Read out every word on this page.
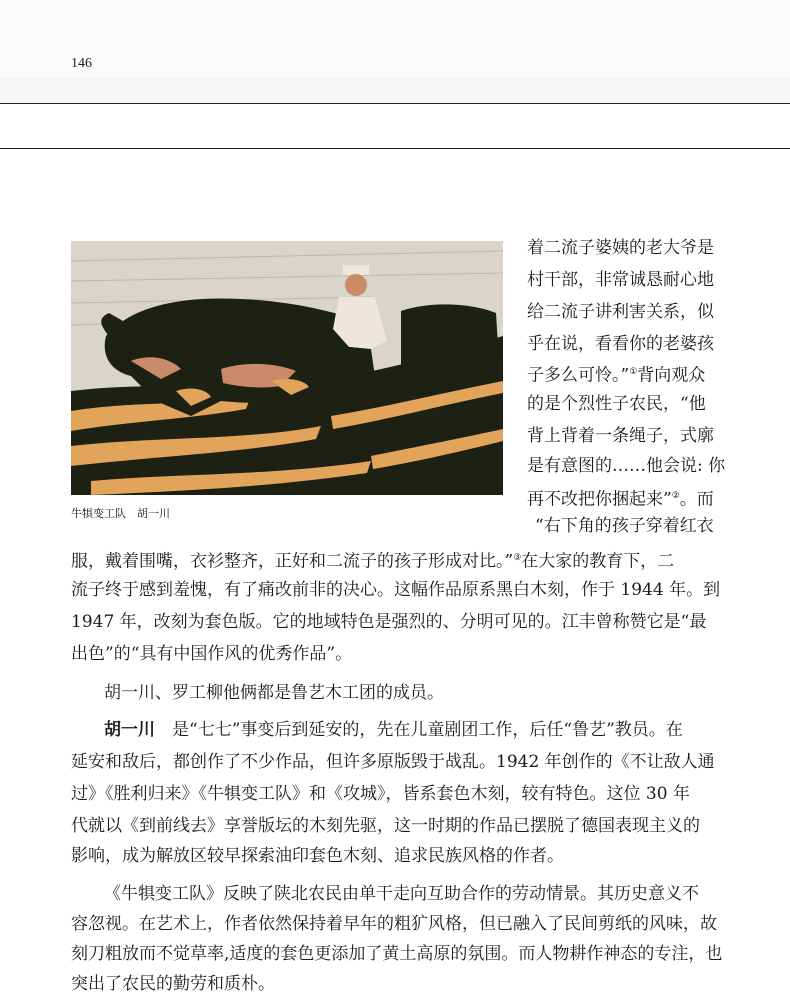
146
牛犋变工队　胡一川
着二流子婆姨的老大爷是
村干部，非常诚恳耐心地
给二流子讲利害关系，似
乎在说，看看你的老婆孩
子多么可怜。”①背向观众
的是个烈性子农民，“他
背上背着一条绳子，式廓
是有意图的……他会说: 你
再不改把你捆起来”②。而
“右下角的孩子穿着红衣
服，戴着围嘴，衣衫整齐，正好和二流子的孩子形成对比。”③在大家的教育下，二
流子终于感到羞愧，有了痛改前非的决心。这幅作品原系黑白木刻，作于 1944 年。到
1947 年，改刻为套色版。它的地域特色是强烈的、分明可见的。江丰曾称赞它是“最
出色”的“具有中国作风的优秀作品”。
胡一川、罗工柳他俩都是鲁艺木工团的成员。
胡一川　 是“七七”事变后到延安的，先在儿童剧团工作，后任“鲁艺”教员。在
延安和敌后，都创作了不少作品，但许多原版毁于战乱。1942 年创作的《不让敌人通
过》《胜利归来》《牛犋变工队》和《攻城》，皆系套色木刻，较有特色。这位 30 年
代就以《到前线去》享誉版坛的木刻先驱，这一时期的作品已摆脱了德国表现主义的
影响，成为解放区较早探索油印套色木刻、追求民族风格的作者。
《牛犋变工队》反映了陕北农民由单干走向互助合作的劳动情景。其历史意义不
容忽视。在艺术上，作者依然保持着早年的粗犷风格，但已融入了民间剪纸的风味，故
刻刀粗放而不觉草率,适度的套色更添加了黄土高原的氛围。而人物耕作神态的专注，也
突出了农民的勤劳和质朴。
